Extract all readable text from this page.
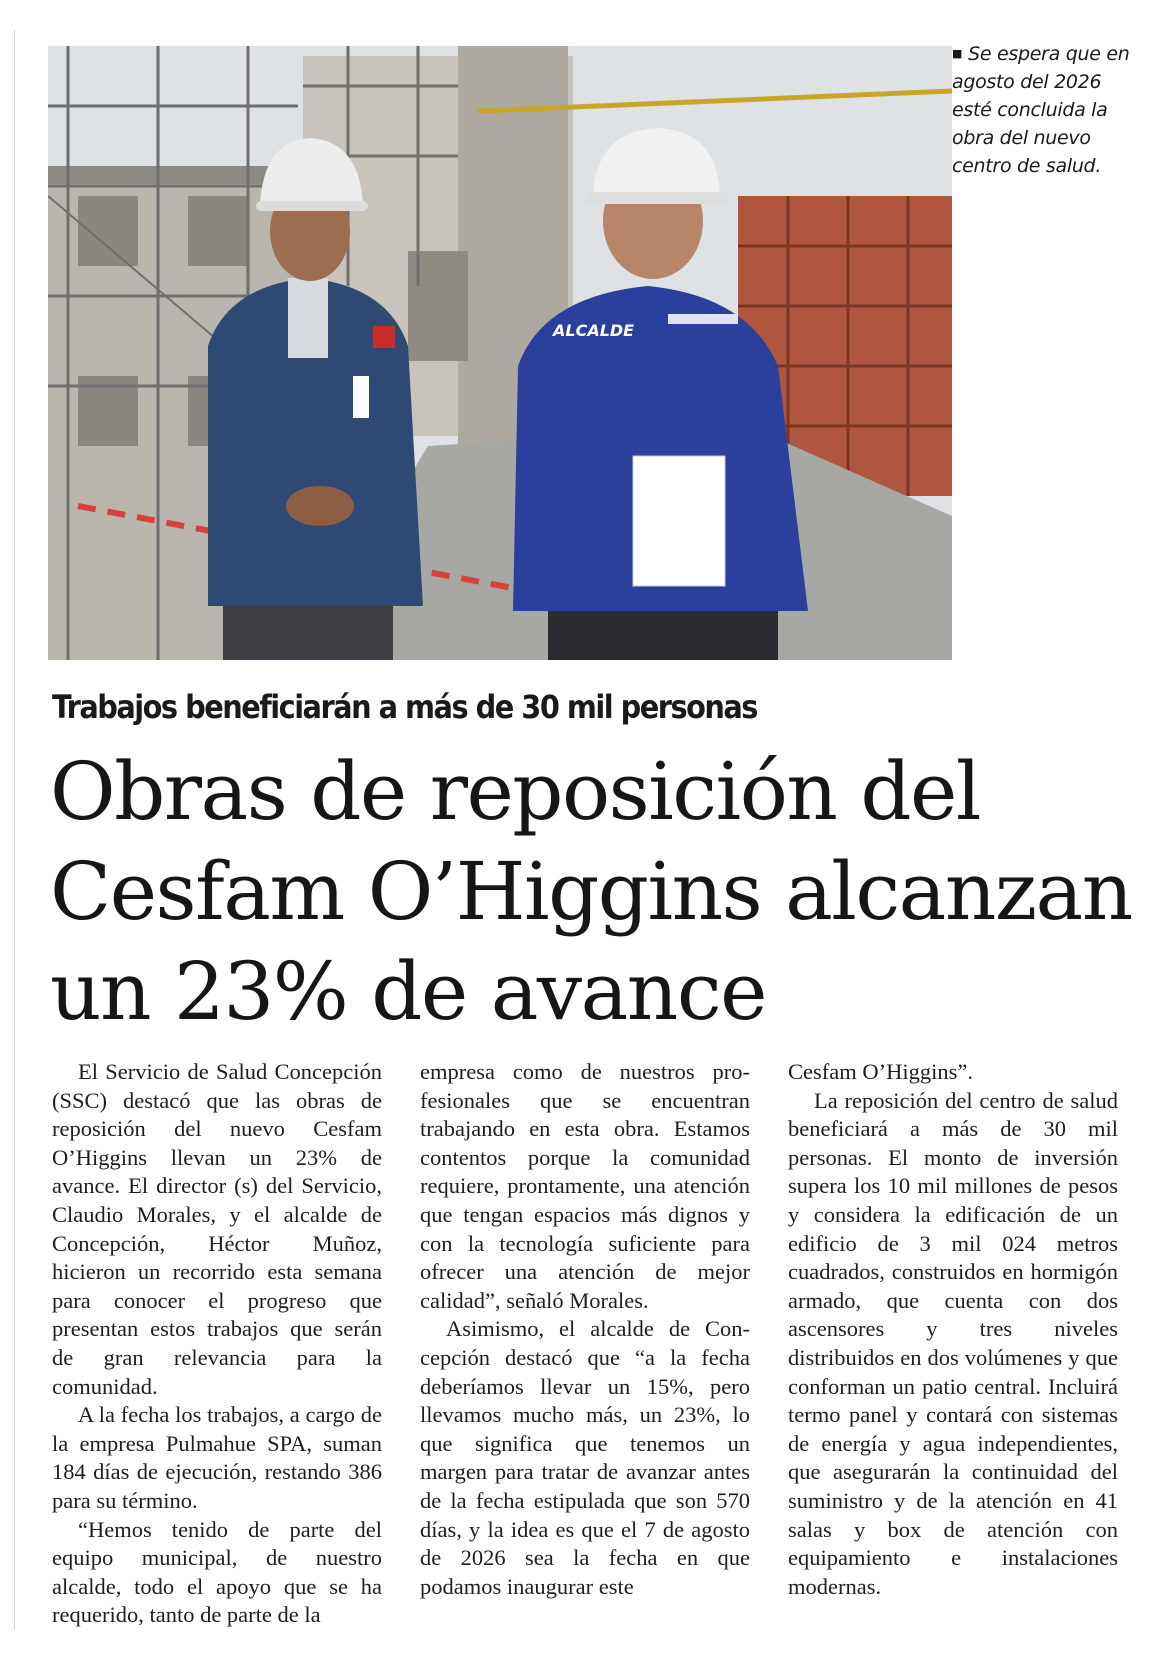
ALCALDE
■ Se espera que en agosto del 2026 esté concluida la obra del nuevo centro de salud.
Trabajos beneficiarán a más de 30 mil personas
Obras de reposición del
Cesfam O’Higgins alcanzan
un 23% de avance

El Servicio de Salud Concepción (SSC) destacó que las obras de reposición del nuevo Cesfam O’Higgins llevan un 23% de avance. El director (s) del Servicio, Claudio Morales, y el alcalde de Concepción, Héctor Muñoz, hicieron un recorrido esta semana para conocer el progreso que presentan estos trabajos que serán de gran relevancia para la comunidad.

A la fecha los trabajos, a cargo de la empresa Pulmahue SPA, suman 184 días de ejecución, restando 386 para su término.

“Hemos tenido de parte del equipo municipal, de nuestro alcalde, todo el apoyo que se ha requerido, tanto de parte de la

empresa como de nuestros profesionales que se encuentran trabajando en esta obra. Estamos contentos porque la comunidad requiere, prontamente, una atención que tengan espacios más dignos y con la tecnología suficiente para ofrecer una atención de mejor calidad”, señaló Morales.

Asimismo, el alcalde de Concepción destacó que “a la fecha deberíamos llevar un 15%, pero llevamos mucho más, un 23%, lo que significa que tenemos un margen para tratar de avanzar antes de la fecha estipulada que son 570 días, y la idea es que el 7 de agosto de 2026 sea la fecha en que podamos inaugurar este

Cesfam O’Higgins”.

La reposición del centro de salud beneficiará a más de 30 mil personas. El monto de inversión supera los 10 mil millones de pesos y considera la edificación de un edificio de 3 mil 024 metros cuadrados, construidos en hormigón armado, que cuenta con dos ascensores y tres niveles distribuidos en dos volúmenes y que conforman un patio central. Incluirá termo panel y contará con sistemas de energía y agua independientes, que asegurarán la continuidad del suministro y de la atención en 41 salas y box de atención con equipamiento e instalaciones modernas.
